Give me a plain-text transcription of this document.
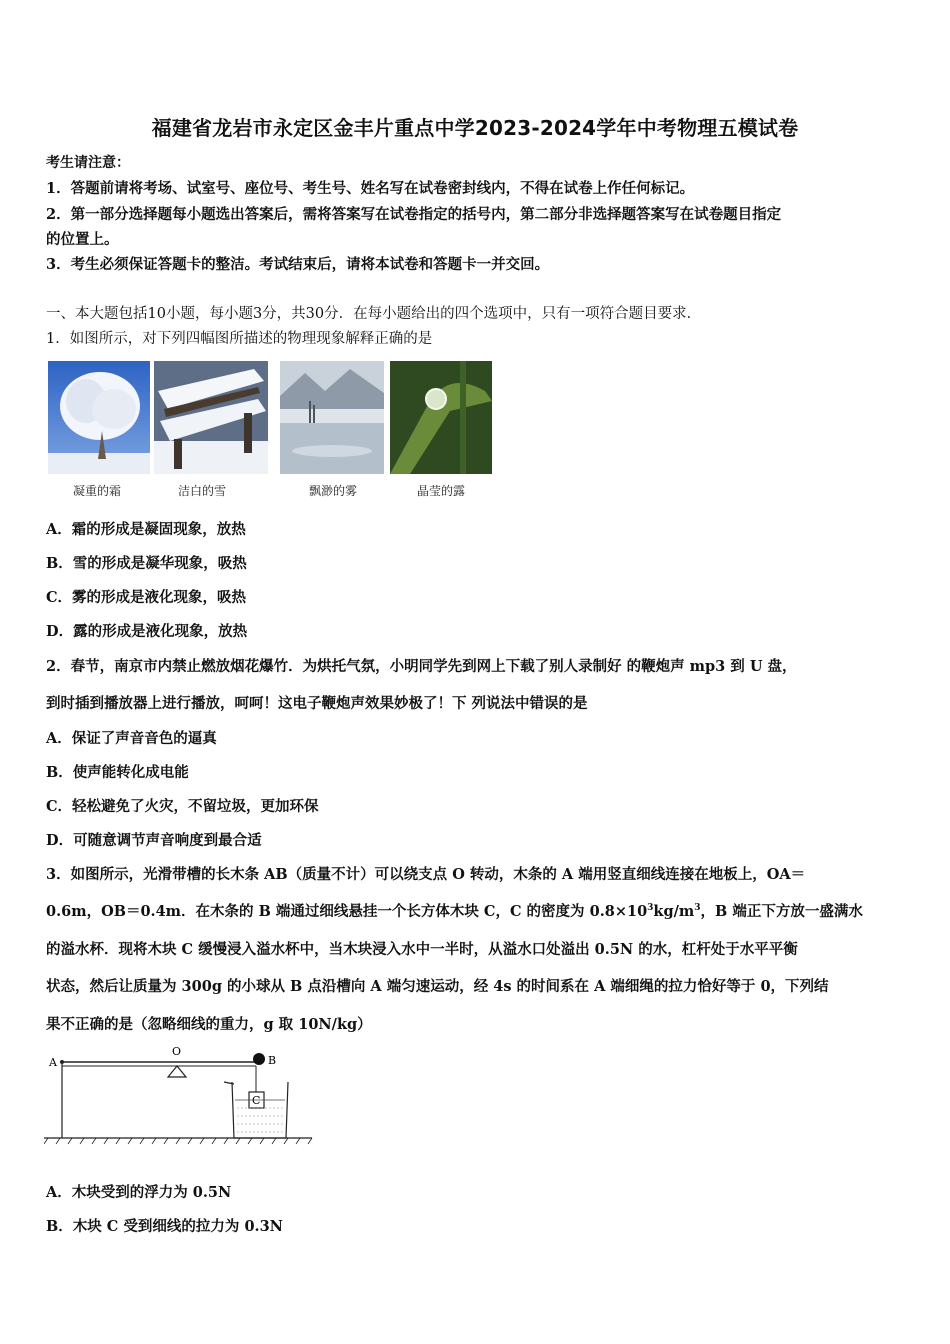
福建省龙岩市永定区金丰片重点中学2023-2024学年中考物理五模试卷
考生请注意：
1．答题前请将考场、试室号、座位号、考生号、姓名写在试卷密封线内，不得在试卷上作任何标记。
2．第一部分选择题每小题选出答案后，需将答案写在试卷指定的括号内，第二部分非选择题答案写在试卷题目指定
的位置上。
3．考生必须保证答题卡的整洁。考试结束后，请将本试卷和答题卡一并交回。
一、本大题包括10小题，每小题3分，共30分．在每小题给出的四个选项中，只有一项符合题目要求．
1．如图所示，对下列四幅图所描述的物理现象解释正确的是
凝重的霜	洁白的雪	飘渺的雾	晶莹的露
A．霜的形成是凝固现象，放热
B．雪的形成是凝华现象，吸热
C．雾的形成是液化现象，吸热
D．露的形成是液化现象，放热
2．春节，南京市内禁止燃放烟花爆竹．为烘托气氛，小明同学先到网上下载了别人录制好 的鞭炮声 mp3 到 U 盘，
到时插到播放器上进行播放，呵呵！这电子鞭炮声效果妙极了！下 列说法中错误的是
A．保证了声音音色的逼真
B．使声能转化成电能
C．轻松避免了火灾，不留垃圾，更加环保
D．可随意调节声音响度到最合适
3．如图所示，光滑带槽的长木条 AB（质量不计）可以绕支点 O 转动，木条的 A 端用竖直细线连接在地板上，OA＝
0.6m，OB＝0.4m．在木条的 B 端通过细线悬挂一个长方体木块 C，C 的密度为 $0.8\times 10^3kg/m^3$，B 端正下方放一盛满水
的溢水杯．现将木块 C 缓慢浸入溢水杯中，当木块浸入水中一半时，从溢水口处溢出 0.5N 的水，杠杆处于水平平衡
状态，然后让质量为 300g 的小球从 B 点沿槽向 A 端匀速运动，经 4s 的时间系在 A 端细绳的拉力恰好等于 0，下列结
果不正确的是（忽略细线的重力，g 取 10N/kg）
A
O
B
C
A．木块受到的浮力为 0.5N
B．木块 C 受到细线的拉力为 0.3N
